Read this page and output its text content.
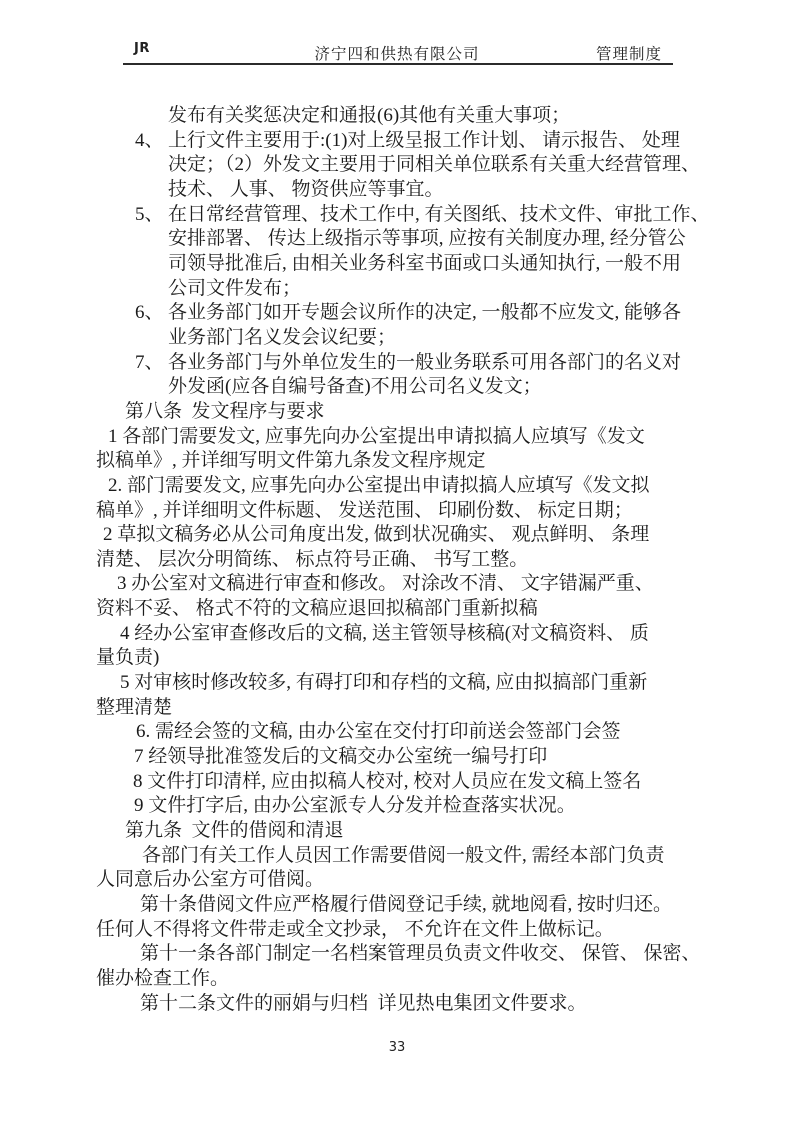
JR	济宁四和供热有限公司	管理制度
发布有关奖惩决定和通报(6)其他有关重大事项；
4、 上行文件主要用于:(1)对上级呈报工作计划、 请示报告、 处理
决定；（2）外发文主要用于同相关单位联系有关重大经营管理、
技术、 人事、 物资供应等事宜。
5、 在日常经营管理、技术工作中, 有关图纸、技术文件、审批工作、
安排部署、 传达上级指示等事项, 应按有关制度办理, 经分管公
司领导批准后, 由相关业务科室书面或口头通知执行, 一般不用
公司文件发布；
6、 各业务部门如开专题会议所作的决定, 一般都不应发文, 能够各
业务部门名义发会议纪要；
7、 各业务部门与外单位发生的一般业务联系可用各部门的名义对
外发函(应各自编号备查)不用公司名义发文；
第八条  发文程序与要求
1 各部门需要发文, 应事先向办公室提出申请拟搞人应填写《发文
拟稿单》, 并详细写明文件第九条发文程序规定
2. 部门需要发文, 应事先向办公室提出申请拟搞人应填写《发文拟
稿单》, 并详细明文件标题、 发送范围、 印刷份数、 标定日期；
2 草拟文稿务必从公司角度出发, 做到状况确实、 观点鲜明、 条理
清楚、 层次分明简练、 标点符号正确、 书写工整。
3 办公室对文稿进行审查和修改。 对涂改不清、 文字错漏严重、
资料不妥、 格式不符的文稿应退回拟稿部门重新拟稿
4 经办公室审查修改后的文稿, 送主管领导核稿(对文稿资料、 质
量负责)
5 对审核时修改较多, 有碍打印和存档的文稿, 应由拟搞部门重新
整理清楚
6. 需经会签的文稿, 由办公室在交付打印前送会签部门会签
7 经领导批准签发后的文稿交办公室统一编号打印
8 文件打印清样, 应由拟稿人校对, 校对人员应在发文稿上签名
9 文件打字后, 由办公室派专人分发并检查落实状况。
第九条  文件的借阅和清退
各部门有关工作人员因工作需要借阅一般文件, 需经本部门负责
人同意后办公室方可借阅。
第十条借阅文件应严格履行借阅登记手续, 就地阅看, 按时归还。
任何人不得将文件带走或全文抄录， 不允许在文件上做标记。
第十一条各部门制定一名档案管理员负责文件收交、 保管、 保密、
催办检查工作。
第十二条文件的丽娟与归档  详见热电集团文件要求。
33
